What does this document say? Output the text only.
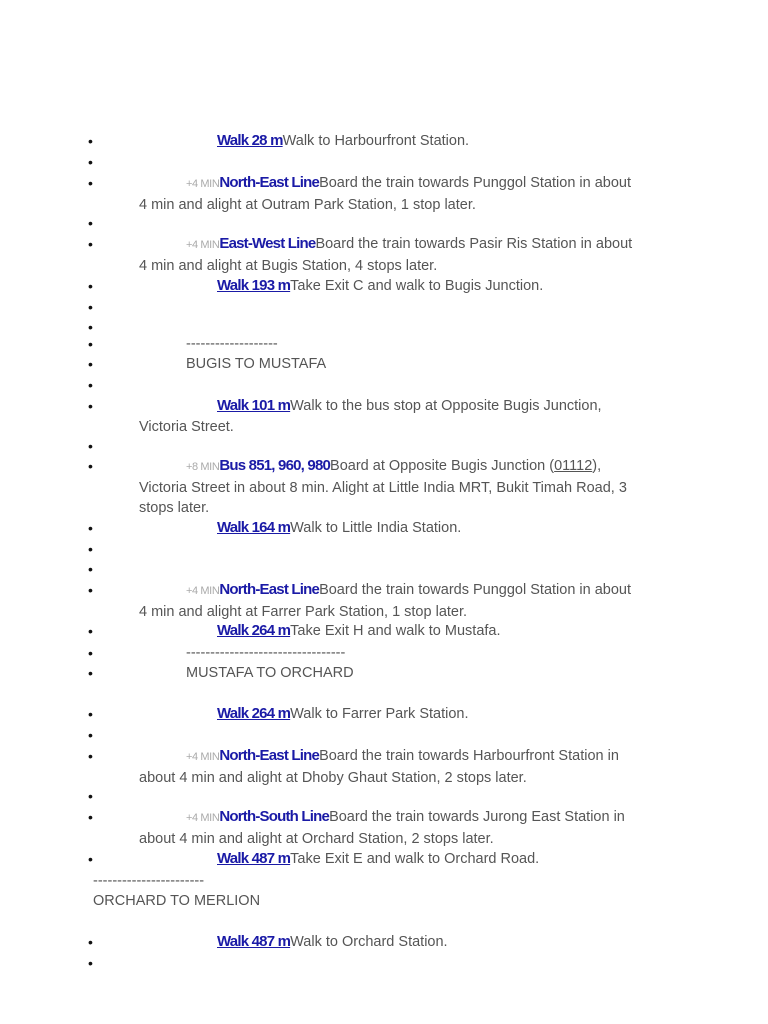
•	Walk 28 mWalk to Harbourfront Station.
•
•	+4 MINNorth-East LineBoard the train towards Punggol Station in about
4 min and alight at Outram Park Station, 1 stop later.
•
•	+4 MINEast-West LineBoard the train towards Pasir Ris Station in about
4 min and alight at Bugis Station, 4 stops later.
•	Walk 193 mTake Exit C and walk to Bugis Junction.
•
•
•	-------------------
•	BUGIS TO MUSTAFA
•
•	Walk 101 mWalk to the bus stop at Opposite Bugis Junction,
Victoria Street.
•
•	+8 MINBus 851, 960, 980Board at Opposite Bugis Junction (01112),
Victoria Street in about 8 min. Alight at Little India MRT, Bukit Timah Road, 3
stops later.
•	Walk 164 mWalk to Little India Station.
•
•
•	+4 MINNorth-East LineBoard the train towards Punggol Station in about
4 min and alight at Farrer Park Station, 1 stop later.
•	Walk 264 mTake Exit H and walk to Mustafa.
•	---------------------------------
•	MUSTAFA TO ORCHARD
•	Walk 264 mWalk to Farrer Park Station.
•
•	+4 MINNorth-East LineBoard the train towards Harbourfront Station in
about 4 min and alight at Dhoby Ghaut Station, 2 stops later.
•
•	+4 MINNorth-South LineBoard the train towards Jurong East Station in
about 4 min and alight at Orchard Station, 2 stops later.
•	Walk 487 mTake Exit E and walk to Orchard Road.
-----------------------
ORCHARD TO MERLION
•	Walk 487 mWalk to Orchard Station.
•
